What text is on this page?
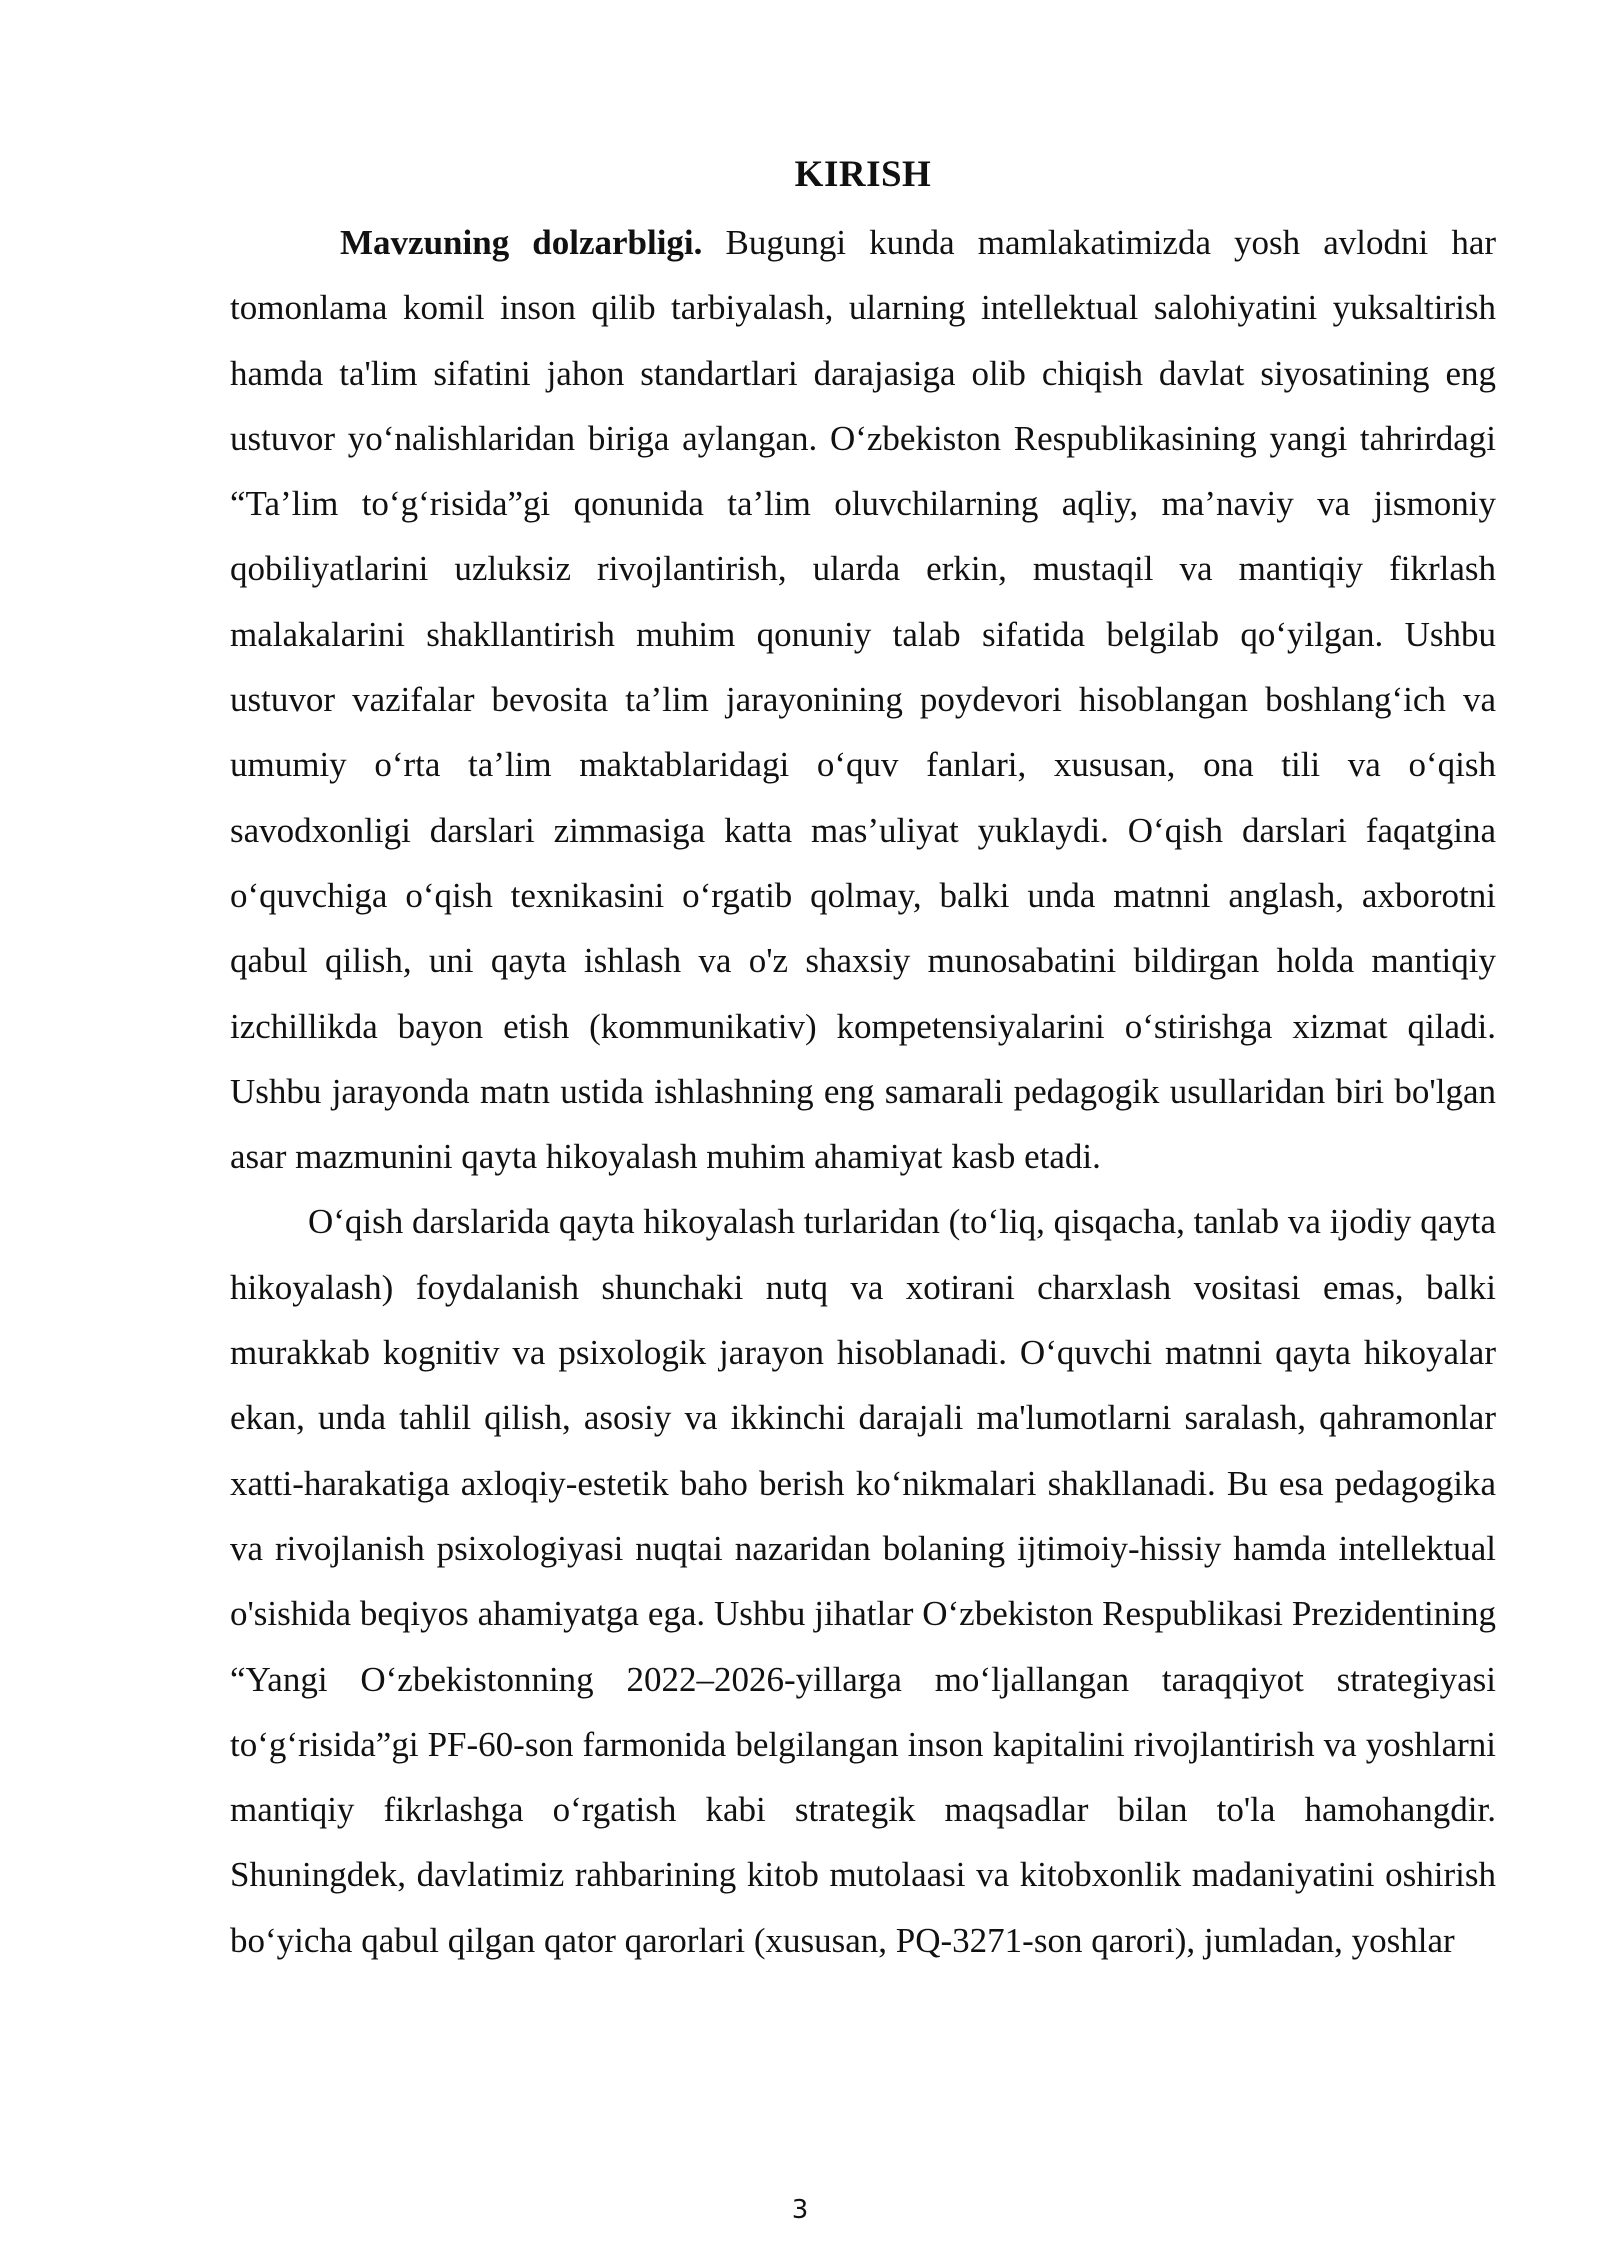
KIRISH

Mavzuning dolzarbligi. Bugungi kunda mamlakatimizda yosh avlodni har tomonlama komil inson qilib tarbiyalash, ularning intellektual salohiyatini yuksaltirish hamda ta'lim sifatini jahon standartlari darajasiga olib chiqish davlat siyosatining eng ustuvor yo‘nalishlaridan biriga aylangan. O‘zbekiston Respublikasining yangi tahrirdagi “Ta’lim to‘g‘risida”gi qonunida ta’lim oluvchilarning aqliy, ma’naviy va jismoniy qobiliyatlarini uzluksiz rivojlantirish, ularda erkin, mustaqil va mantiqiy fikrlash malakalarini shakllantirish muhim qonuniy talab sifatida belgilab qo‘yilgan. Ushbu ustuvor vazifalar bevosita ta’lim jarayonining poydevori hisoblangan boshlang‘ich va umumiy o‘rta ta’lim maktablaridagi o‘quv fanlari, xususan, ona tili va o‘qish savodxonligi darslari zimmasiga katta mas’uliyat yuklaydi. O‘qish darslari faqatgina o‘quvchiga o‘qish texnikasini o‘rgatib qolmay, balki unda matnni anglash, axborotni qabul qilish, uni qayta ishlash va o'z shaxsiy munosabatini bildirgan holda mantiqiy izchillikda bayon etish (kommunikativ) kompetensiyalarini o‘stirishga xizmat qiladi. Ushbu jarayonda matn ustida ishlashning eng samarali pedagogik usullaridan biri bo'lgan asar mazmunini qayta hikoyalash muhim ahamiyat kasb etadi.

O‘qish darslarida qayta hikoyalash turlaridan (to‘liq, qisqacha, tanlab va ijodiy qayta hikoyalash) foydalanish shunchaki nutq va xotirani charxlash vositasi emas, balki murakkab kognitiv va psixologik jarayon hisoblanadi. O‘quvchi matnni qayta hikoyalar ekan, unda tahlil qilish, asosiy va ikkinchi darajali ma'lumotlarni saralash, qahramonlar xatti-harakatiga axloqiy-estetik baho berish ko‘nikmalari shakllanadi. Bu esa pedagogika va rivojlanish psixologiyasi nuqtai nazaridan bolaning ijtimoiy-hissiy hamda intellektual o'sishida beqiyos ahamiyatga ega. Ushbu jihatlar O‘zbekiston Respublikasi Prezidentining “Yangi O‘zbekistonning 2022–2026-yillarga mo‘ljallangan taraqqiyot strategiyasi to‘g‘risida”gi PF-60-son farmonida belgilangan inson kapitalini rivojlantirish va yoshlarni mantiqiy fikrlashga o‘rgatish kabi strategik maqsadlar bilan to'la hamohangdir. Shuningdek, davlatimiz rahbarining kitob mutolaasi va kitobxonlik madaniyatini oshirish bo‘yicha qabul qilgan qator qarorlari (xususan, PQ-3271-son qarori), jumladan, yoshlar

3
